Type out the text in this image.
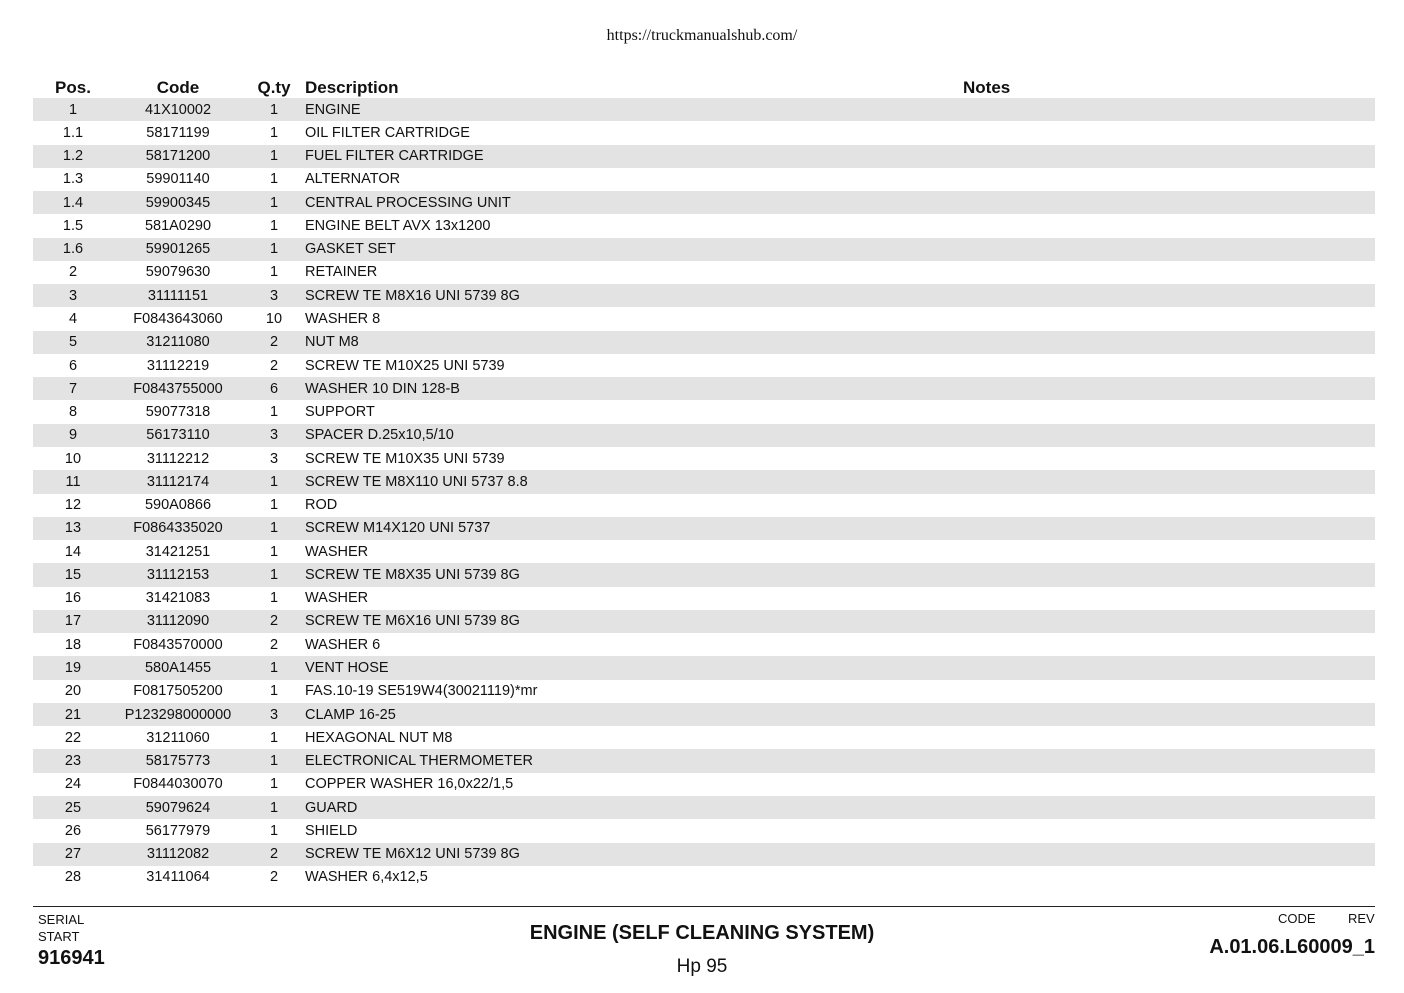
https://truckmanualshub.com/
Pos.	Code	Q.ty	Description	Notes
1	41X10002	1	ENGINE	
1.1	58171199	1	OIL FILTER CARTRIDGE	
1.2	58171200	1	FUEL FILTER CARTRIDGE	
1.3	59901140	1	ALTERNATOR	
1.4	59900345	1	CENTRAL PROCESSING UNIT	
1.5	581A0290	1	ENGINE BELT AVX 13x1200	
1.6	59901265	1	GASKET SET	
2	59079630	1	RETAINER	
3	31111151	3	SCREW TE M8X16 UNI 5739 8G	
4	F0843643060	10	WASHER 8	
5	31211080	2	NUT M8	
6	31112219	2	SCREW TE M10X25 UNI 5739	
7	F0843755000	6	WASHER 10 DIN 128-B	
8	59077318	1	SUPPORT	
9	56173110	3	SPACER D.25x10,5/10	
10	31112212	3	SCREW TE M10X35 UNI 5739	
11	31112174	1	SCREW TE M8X110 UNI 5737 8.8	
12	590A0866	1	ROD	
13	F0864335020	1	SCREW M14X120 UNI 5737	
14	31421251	1	WASHER	
15	31112153	1	SCREW TE M8X35 UNI 5739 8G	
16	31421083	1	WASHER	
17	31112090	2	SCREW TE M6X16 UNI 5739 8G	
18	F0843570000	2	WASHER 6	
19	580A1455	1	VENT HOSE	
20	F0817505200	1	FAS.10-19 SE519W4(30021119)*mr	
21	P123298000000	3	CLAMP 16-25	
22	31211060	1	HEXAGONAL NUT M8	
23	58175773	1	ELECTRONICAL THERMOMETER	
24	F0844030070	1	COPPER WASHER 16,0x22/1,5	
25	59079624	1	GUARD	
26	56177979	1	SHIELD	
27	31112082	2	SCREW TE M6X12 UNI 5739 8G	
28	31411064	2	WASHER 6,4x12,5	
SERIAL
START
916941
ENGINE (SELF CLEANING SYSTEM)
Hp 95
CODE REV
A.01.06.L60009_1
